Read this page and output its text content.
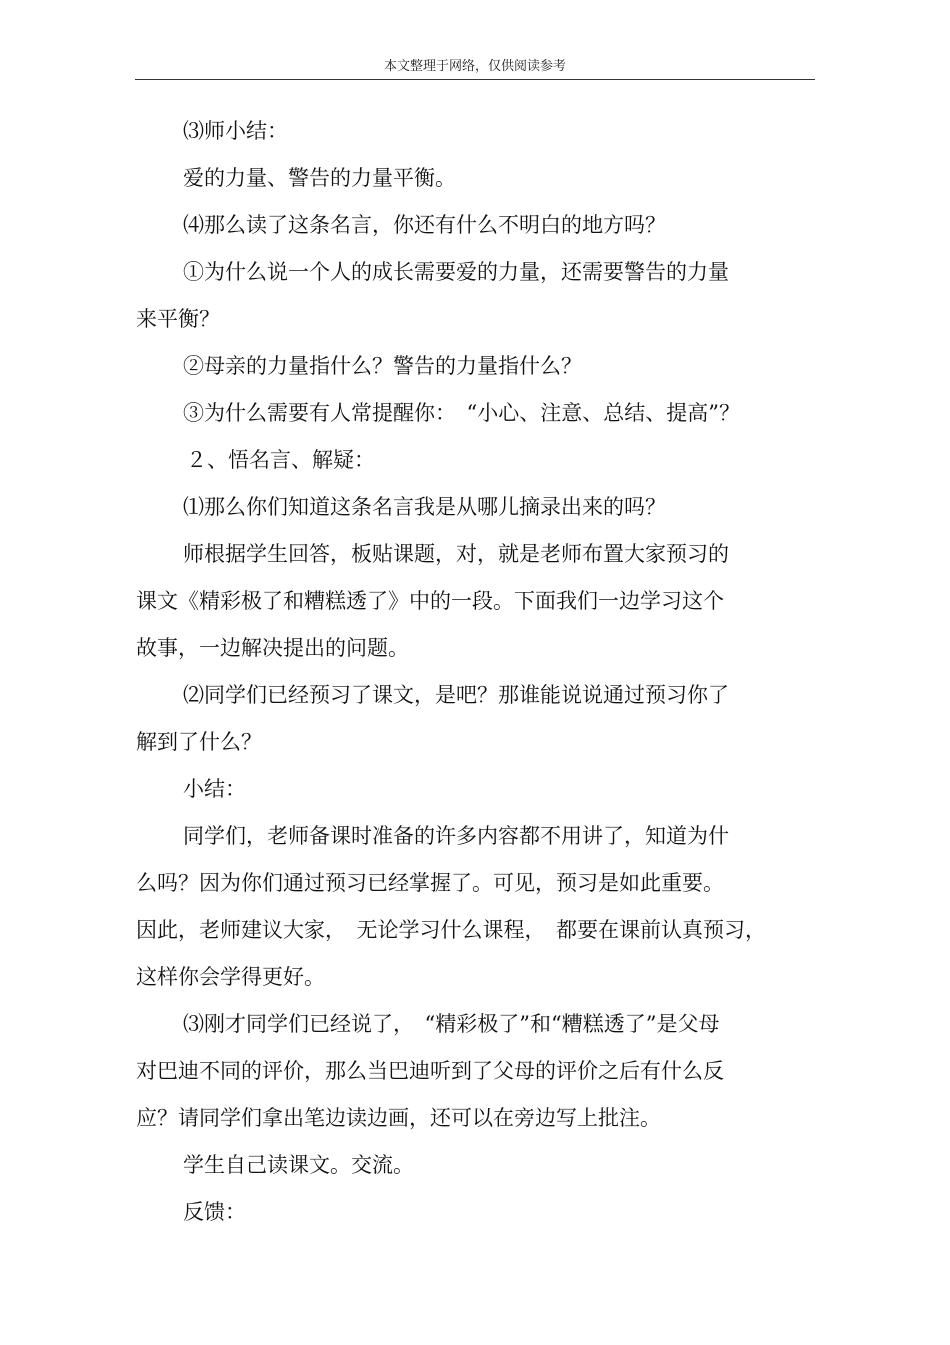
本文整理于网络，仅供阅读参考

⑶师小结：

爱的力量、警告的力量平衡。

⑷那么读了这条名言，你还有什么不明白的地方吗？

①为什么说一个人的成长需要爱的力量，还需要警告的力量

来平衡？

②母亲的力量指什么？警告的力量指什么？

③为什么需要有人常提醒你：　“小心、注意、总结、提高”？

２、悟名言、解疑：

⑴那么你们知道这条名言我是从哪儿摘录出来的吗？

师根据学生回答，板贴课题，对，就是老师布置大家预习的

课文《精彩极了和糟糕透了》中的一段。下面我们一边学习这个

故事，一边解决提出的问题。

⑵同学们已经预习了课文，是吧？那谁能说说通过预习你了

解到了什么？

小结：

同学们，老师备课时准备的许多内容都不用讲了，知道为什

么吗？因为你们通过预习已经掌握了。可见，预习是如此重要。

因此，老师建议大家，　无论学习什么课程，　都要在课前认真预习，

这样你会学得更好。

⑶刚才同学们已经说了，　“精彩极了”和“糟糕透了”是父母

对巴迪不同的评价，那么当巴迪听到了父母的评价之后有什么反

应？请同学们拿出笔边读边画，还可以在旁边写上批注。

学生自己读课文。交流。

反馈：
